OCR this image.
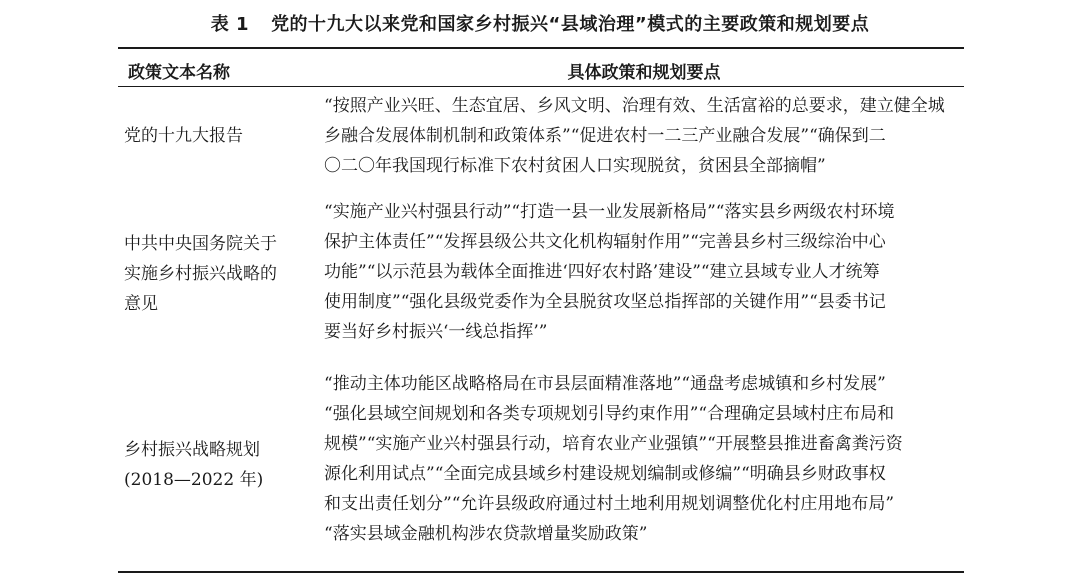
表 1 党的十九大以来党和国家乡村振兴“县域治理”模式的主要政策和规划要点
政策文本名称	具体政策和规划要点
党的十九大报告
“按照产业兴旺、生态宜居、乡风文明、治理有效、生活富裕的总要求，建立健全城
乡融合发展体制机制和政策体系”“促进农村一二三产业融合发展”“确保到二
〇二〇年我国现行标准下农村贫困人口实现脱贫，贫困县全部摘帽”
中共中央国务院关于
实施乡村振兴战略的
意见
“实施产业兴村强县行动”“打造一县一业发展新格局”“落实县乡两级农村环境
保护主体责任”“发挥县级公共文化机构辐射作用”“完善县乡村三级综治中心
功能”“以示范县为载体全面推进‘四好农村路’建设”“建立县域专业人才统筹
使用制度”“强化县级党委作为全县脱贫攻坚总指挥部的关键作用”“县委书记
要当好乡村振兴‘一线总指挥’”
乡村振兴战略规划
(2018—2022 年)
“推动主体功能区战略格局在市县层面精准落地”“通盘考虑城镇和乡村发展”
“强化县域空间规划和各类专项规划引导约束作用”“合理确定县域村庄布局和
规模”“实施产业兴村强县行动，培育农业产业强镇”“开展整县推进畜禽粪污资
源化利用试点”“全面完成县域乡村建设规划编制或修编”“明确县乡财政事权
和支出责任划分”“允许县级政府通过村土地利用规划调整优化村庄用地布局”
“落实县域金融机构涉农贷款增量奖励政策”
